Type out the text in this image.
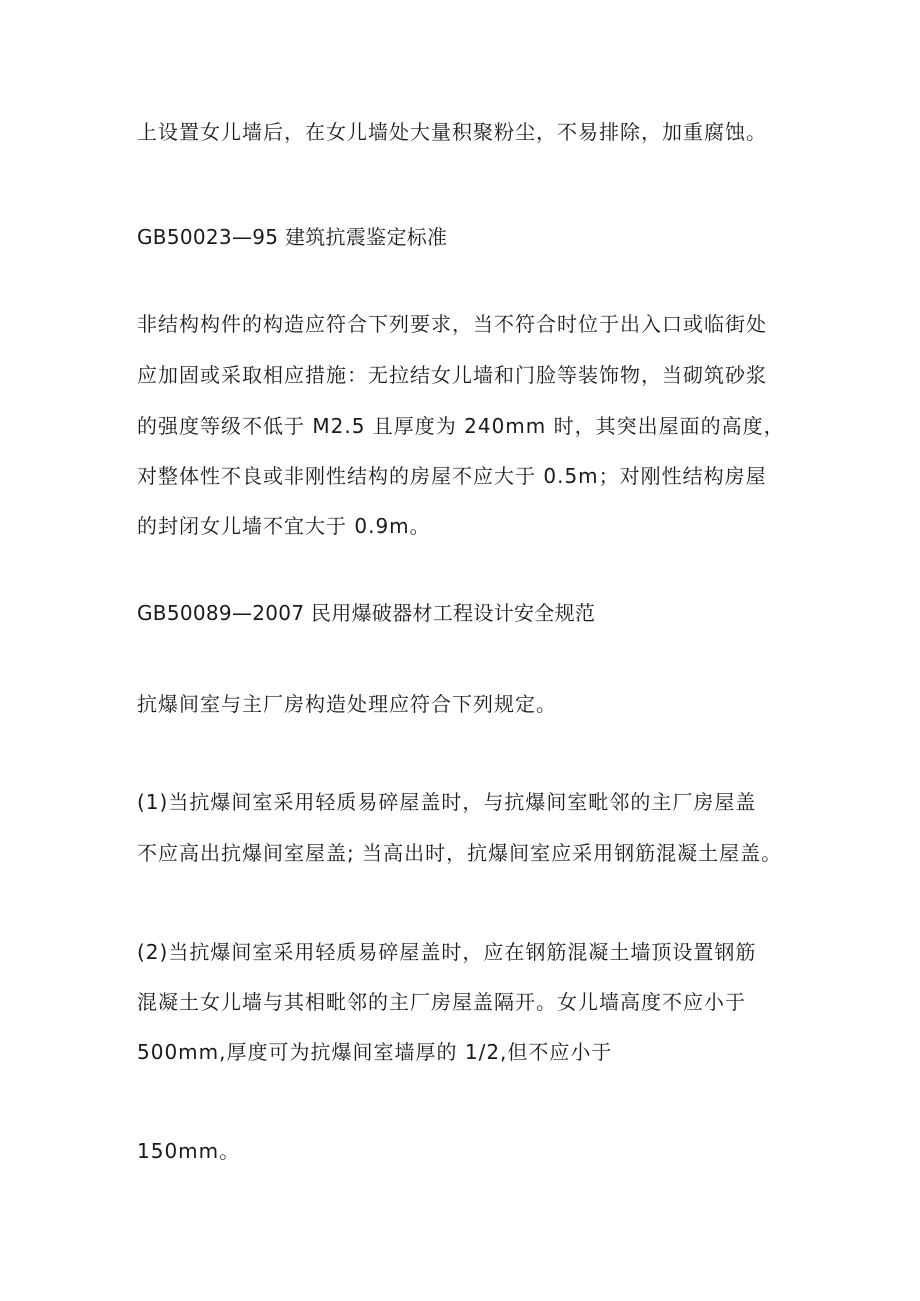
上设置女儿墙后，在女儿墙处大量积聚粉尘，不易排除，加重腐蚀。
GB50023—95 建筑抗震鉴定标准
非结构构件的构造应符合下列要求，当不符合时位于出入口或临街处
应加固或采取相应措施：无拉结女儿墙和门脸等装饰物，当砌筑砂浆
的强度等级不低于 M2.5 且厚度为 240mm 时，其突出屋面的高度，
对整体性不良或非刚性结构的房屋不应大于 0.5m；对刚性结构房屋
的封闭女儿墙不宜大于 0.9m。
GB50089—2007 民用爆破器材工程设计安全规范
抗爆间室与主厂房构造处理应符合下列规定。
(1)当抗爆间室采用轻质易碎屋盖时，与抗爆间室毗邻的主厂房屋盖
不应高出抗爆间室屋盖; 当高出时，抗爆间室应采用钢筋混凝土屋盖。
(2)当抗爆间室采用轻质易碎屋盖时，应在钢筋混凝土墙顶设置钢筋
混凝土女儿墙与其相毗邻的主厂房屋盖隔开。女儿墙高度不应小于
500mm,厚度可为抗爆间室墙厚的 1/2,但不应小于
150mm。
